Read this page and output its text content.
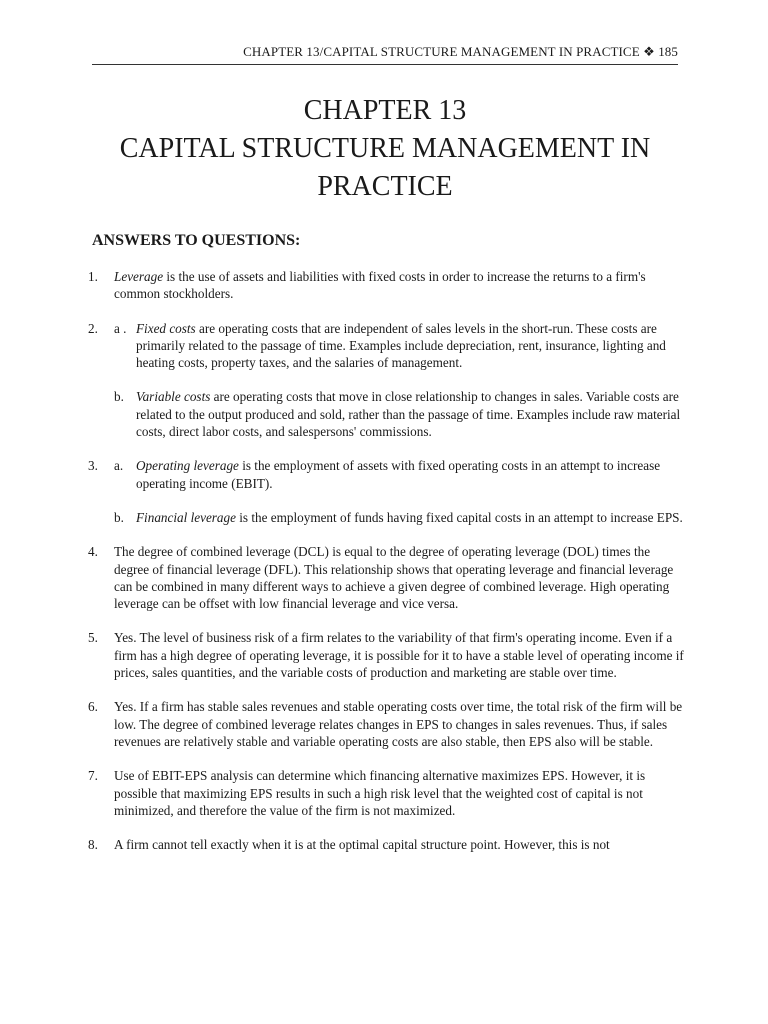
CHAPTER 13/CAPITAL STRUCTURE MANAGEMENT IN PRACTICE ❖ 185
CHAPTER 13
CAPITAL STRUCTURE MANAGEMENT IN
PRACTICE
ANSWERS TO QUESTIONS:
1. Leverage is the use of assets and liabilities with fixed costs in order to increase the returns to a firm's common stockholders.
2. a . Fixed costs are operating costs that are independent of sales levels in the short-run. These costs are primarily related to the passage of time. Examples include depreciation, rent, insurance, lighting and heating costs, property taxes, and the salaries of management.
b. Variable costs are operating costs that move in close relationship to changes in sales. Variable costs are related to the output produced and sold, rather than the passage of time. Examples include raw material costs, direct labor costs, and salespersons' commissions.
3. a. Operating leverage is the employment of assets with fixed operating costs in an attempt to increase operating income (EBIT).
b. Financial leverage is the employment of funds having fixed capital costs in an attempt to increase EPS.
4. The degree of combined leverage (DCL) is equal to the degree of operating leverage (DOL) times the degree of financial leverage (DFL). This relationship shows that operating leverage and financial leverage can be combined in many different ways to achieve a given degree of combined leverage. High operating leverage can be offset with low financial leverage and vice versa.
5. Yes. The level of business risk of a firm relates to the variability of that firm's operating income. Even if a firm has a high degree of operating leverage, it is possible for it to have a stable level of operating income if prices, sales quantities, and the variable costs of production and marketing are stable over time.
6. Yes. If a firm has stable sales revenues and stable operating costs over time, the total risk of the firm will be low. The degree of combined leverage relates changes in EPS to changes in sales revenues. Thus, if sales revenues are relatively stable and variable operating costs are also stable, then EPS also will be stable.
7. Use of EBIT-EPS analysis can determine which financing alternative maximizes EPS. However, it is possible that maximizing EPS results in such a high risk level that the weighted cost of capital is not minimized, and therefore the value of the firm is not maximized.
8. A firm cannot tell exactly when it is at the optimal capital structure point. However, this is not
